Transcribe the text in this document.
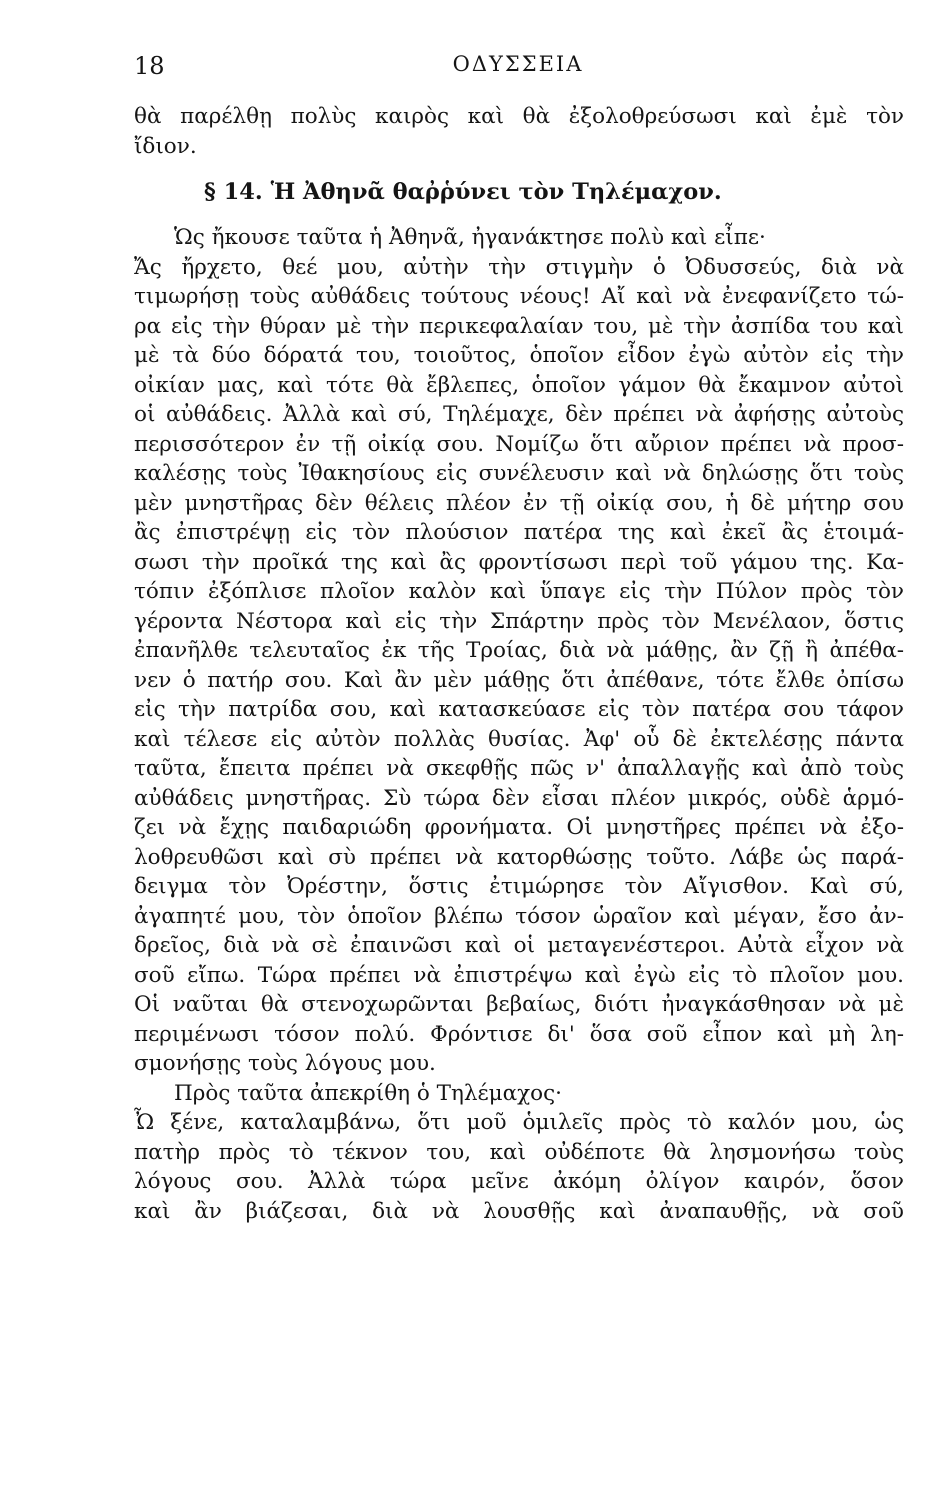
18	ΟΔΥΣΣΕΙΑ
θὰ παρέλθῃ πολὺς καιρὸς καὶ θὰ ἐξολοθρεύσωσι καὶ ἐμὲ τὸν
ἴδιον.
§ 14. Ἡ Ἀθηνᾶ θαῤῥύνει τὸν Τηλέμαχον.
Ὡς ἤκουσε ταῦτα ἡ Ἀθηνᾶ, ἠγανάκτησε πολὺ καὶ εἶπε·
Ἄς ἤρχετο, θεέ μου, αὐτὴν τὴν στιγμὴν ὁ Ὀδυσσεύς, διὰ νὰ
τιμωρήσῃ τοὺς αὐθάδεις τούτους νέους! Αἴ καὶ νὰ ἐνεφανίζετο τώ-
ρα εἰς τὴν θύραν μὲ τὴν περικεφαλαίαν του, μὲ τὴν ἀσπίδα του καὶ
μὲ τὰ δύο δόρατά του, τοιοῦτος, ὁποῖον εἶδον ἐγὼ αὐτὸν εἰς τὴν
οἰκίαν μας, καὶ τότε θὰ ἔβλεπες, ὁποῖον γάμον θὰ ἔκαμνον αὐτοὶ
οἱ αὐθάδεις. Ἀλλὰ καὶ σύ, Τηλέμαχε, δὲν πρέπει νὰ ἀφήσῃς αὐτοὺς
περισσότερον ἐν τῇ οἰκίᾳ σου. Νομίζω ὅτι αὔριον πρέπει νὰ προσ-
καλέσῃς τοὺς Ἰθακησίους εἰς συνέλευσιν καὶ νὰ δηλώσῃς ὅτι τοὺς
μὲν μνηστῆρας δὲν θέλεις πλέον ἐν τῇ οἰκίᾳ σου, ἡ δὲ μήτηρ σου
ἂς ἐπιστρέψῃ εἰς τὸν πλούσιον πατέρα της καὶ ἐκεῖ ἂς ἑτοιμά-
σωσι τὴν προῖκά της καὶ ἂς φροντίσωσι περὶ τοῦ γάμου της. Κα-
τόπιν ἐξόπλισε πλοῖον καλὸν καὶ ὕπαγε εἰς τὴν Πύλον πρὸς τὸν
γέροντα Νέστορα καὶ εἰς τὴν Σπάρτην πρὸς τὸν Μενέλαον, ὅστις
ἐπανῆλθε τελευταῖος ἐκ τῆς Τροίας, διὰ νὰ μάθῃς, ἂν ζῇ ἢ ἀπέθα-
νεν ὁ πατήρ σου. Καὶ ἂν μὲν μάθῃς ὅτι ἀπέθανε, τότε ἔλθε ὀπίσω
εἰς τὴν πατρίδα σου, καὶ κατασκεύασε εἰς τὸν πατέρα σου τάφον
καὶ τέλεσε εἰς αὐτὸν πολλὰς θυσίας. Ἀφ' οὗ δὲ ἐκτελέσῃς πάντα
ταῦτα, ἔπειτα πρέπει νὰ σκεφθῇς πῶς ν' ἀπαλλαγῇς καὶ ἀπὸ τοὺς
αὐθάδεις μνηστῆρας. Σὺ τώρα δὲν εἶσαι πλέον μικρός, οὐδὲ ἁρμό-
ζει νὰ ἔχῃς παιδαριώδη φρονήματα. Οἱ μνηστῆρες πρέπει νὰ ἐξο-
λοθρευθῶσι καὶ σὺ πρέπει νὰ κατορθώσῃς τοῦτο. Λάβε ὡς παρά-
δειγμα τὸν Ὀρέστην, ὅστις ἐτιμώρησε τὸν Αἴγισθον. Καὶ σύ,
ἀγαπητέ μου, τὸν ὁποῖον βλέπω τόσον ὡραῖον καὶ μέγαν, ἔσο ἀν-
δρεῖος, διὰ νὰ σὲ ἐπαινῶσι καὶ οἱ μεταγενέστεροι. Αὐτὰ εἶχον νὰ
σοῦ εἴπω. Τώρα πρέπει νὰ ἐπιστρέψω καὶ ἐγὼ εἰς τὸ πλοῖον μου.
Οἱ ναῦται θὰ στενοχωρῶνται βεβαίως, διότι ἠναγκάσθησαν νὰ μὲ
περιμένωσι τόσον πολύ. Φρόντισε δι' ὅσα σοῦ εἶπον καὶ μὴ λη-
σμονήσῃς τοὺς λόγους μου.
Πρὸς ταῦτα ἀπεκρίθη ὁ Τηλέμαχος·
Ὦ ξένε, καταλαμβάνω, ὅτι μοῦ ὁμιλεῖς πρὸς τὸ καλόν μου, ὡς
πατὴρ πρὸς τὸ τέκνον του, καὶ οὐδέποτε θὰ λησμονήσω τοὺς
λόγους σου. Ἀλλὰ τώρα μεῖνε ἀκόμη ὀλίγον καιρόν, ὅσον
καὶ ἂν βιάζεσαι, διὰ νὰ λουσθῇς καὶ ἀναπαυθῇς, νὰ σοῦ
